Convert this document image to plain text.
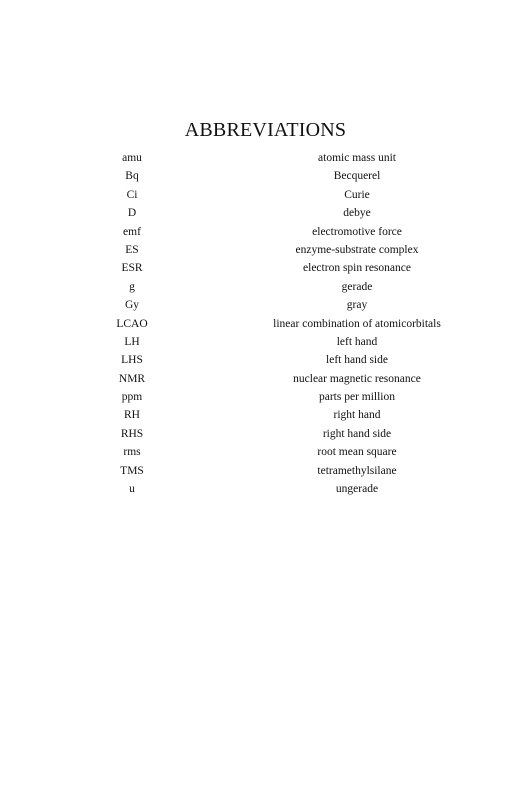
ABBREVIATIONS
amu	atomic mass unit
Bq	Becquerel
Ci	Curie
D	debye
emf	electromotive force
ES	enzyme-substrate complex
ESR	electron spin resonance
g	gerade
Gy	gray
LCAO	linear combination of atomicorbitals
LH	left hand
LHS	left hand side
NMR	nuclear magnetic resonance
ppm	parts per million
RH	right hand
RHS	right hand side
rms	root mean square
TMS	tetramethylsilane
u	ungerade
